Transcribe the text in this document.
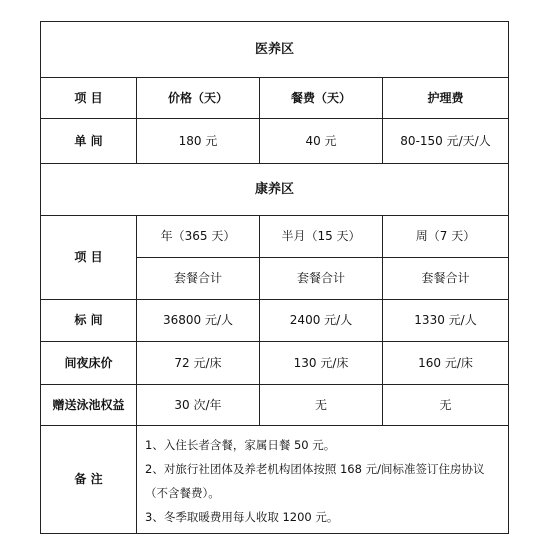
医养区			
项 目	价格（天）	餐费（天）	护理费
单 间	180 元	40 元	80-150 元/天/人
康养区			
项 目	年（365 天）	半月（15 天）	周（7 天）
	套餐合计	套餐合计	套餐合计
标 间	36800 元/人	2400 元/人	1330 元/人
间夜床价	72 元/床	130 元/床	160 元/床
赠送泳池权益	30 次/年	无	无
备 注	1、入住长者含餐，家属日餐 50 元。
2、对旅行社团体及养老机构团体按照 168 元/间标准签订住房协议
（不含餐费）。
3、冬季取暖费用每人收取 1200 元。		
